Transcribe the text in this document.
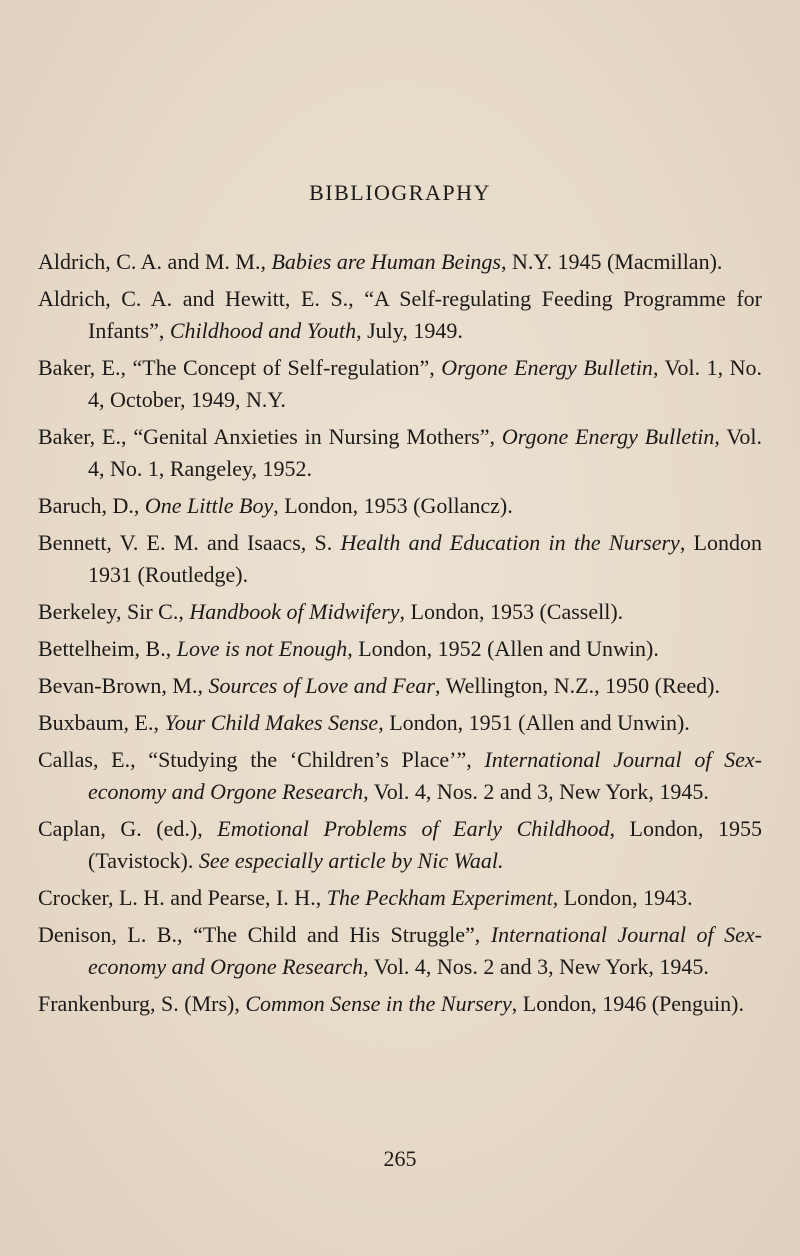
BIBLIOGRAPHY

Aldrich, C. A. and M. M., Babies are Human Beings, N.Y. 1945 (Macmillan).

Aldrich, C. A. and Hewitt, E. S., “A Self-regulating Feeding Programme for Infants”, Childhood and Youth, July, 1949.

Baker, E., “The Concept of Self-regulation”, Orgone Energy Bulletin, Vol. 1, No. 4, October, 1949, N.Y.

Baker, E., “Genital Anxieties in Nursing Mothers”, Orgone Energy Bulletin, Vol. 4, No. 1, Rangeley, 1952.

Baruch, D., One Little Boy, London, 1953 (Gollancz).

Bennett, V. E. M. and Isaacs, S. Health and Education in the Nursery, London 1931 (Routledge).

Berkeley, Sir C., Handbook of Midwifery, London, 1953 (Cassell).

Bettelheim, B., Love is not Enough, London, 1952 (Allen and Unwin).

Bevan-Brown, M., Sources of Love and Fear, Wellington, N.Z., 1950 (Reed).

Buxbaum, E., Your Child Makes Sense, London, 1951 (Allen and Unwin).

Callas, E., “Studying the ‘Children’s Place’”, International Journal of Sex-economy and Orgone Research, Vol. 4, Nos. 2 and 3, New York, 1945.

Caplan, G. (ed.), Emotional Problems of Early Childhood, London, 1955 (Tavistock). See especially article by Nic Waal.

Crocker, L. H. and Pearse, I. H., The Peckham Experiment, London, 1943.

Denison, L. B., “The Child and His Struggle”, International Journal of Sex-economy and Orgone Research, Vol. 4, Nos. 2 and 3, New York, 1945.

Frankenburg, S. (Mrs), Common Sense in the Nursery, London, 1946 (Penguin).

265
